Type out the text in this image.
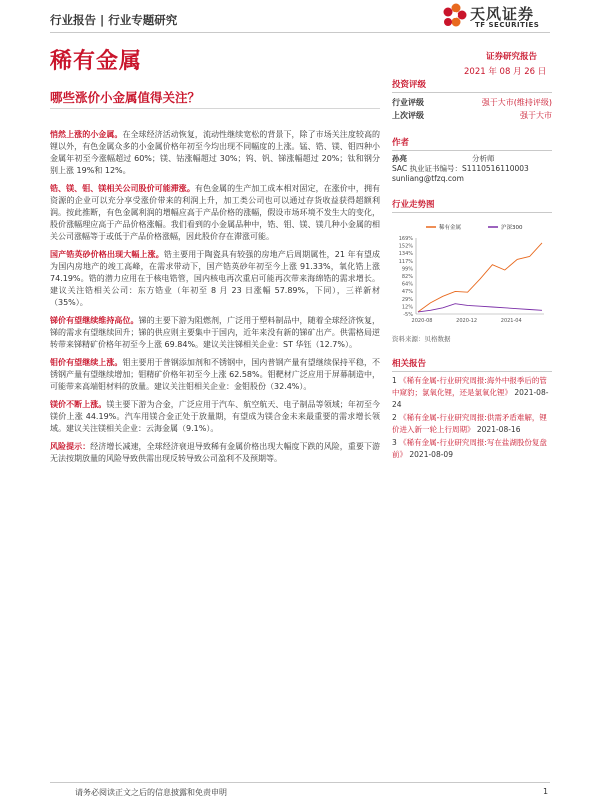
行业报告 | 行业专题研究	天风证券
TF SECURITIES
稀有金属	证券研究报告
2021 年 08 月 26 日
哪些涨价小金属值得关注？

悄然上涨的小金属。在全球经济活动恢复，流动性继续宽松的背景下，除了市场关注度较高的锂以外，有色金属众多的小金属价格年初至今均出现不同幅度的上涨。锰、锆、镁、钼四种小金属年初至今涨幅超过 60%；镁、钴涨幅超过 30%；钨、钒、锑涨幅超过 20%；钛和钢分别上涨 19%和 12%。

锆、镁、钼、镁相关公司股价可能滞涨。有色金属的生产加工成本相对固定，在涨价中，拥有资源的企业可以充分享受涨价带来的利润上升，加工类公司也可以通过存货收益获得超额利润。按此推断，有色金属利润的增幅应高于产品价格的涨幅，假设市场环境不发生大的变化，股价涨幅理应高于产品价格涨幅。我们看到的小金属品种中，锆、钼、镁、镁几种小金属的相关公司涨幅等于或低于产品价格涨幅，因此股价存在滞涨可能。

国产锆英砂价格出现大幅上涨。锆主要用于陶瓷具有较强的房地产后周期属性，21 年有望成为国内房地产的竣工高峰，在需求带动下，国产锆英砂年初至今上涨 91.33%，氧化锆上涨 74.19%。锆的潜力应用在于核电锆管，国内核电再次重启可能再次带来海绵锆的需求增长。建议关注锆相关公司：东方锆业（年初至 8 月 23 日涨幅 57.89%，下同），三祥新材（35%）。

锑价有望继续维持高位。锑的主要下游为阻燃剂，广泛用于塑料制品中，随着全球经济恢复，锑的需求有望继续回升；锑的供应则主要集中于国内，近年来没有新的锑矿出产。供需格局逆转带来锑精矿价格年初至今上涨 69.84%。建议关注锑相关企业：ST 华钰（12.7%）。

钼价有望继续上涨。钼主要用于普钢添加剂和不锈钢中，国内普钢产量有望继续保持平稳，不锈钢产量有望继续增加；钼精矿价格年初至今上涨 62.58%。钼靶材广泛应用于屏幕制造中，可能带来高端钼材料的放量。建议关注钼相关企业：金钼股份（32.4%）。

镁价不断上涨。镁主要下游为合金，广泛应用于汽车、航空航天、电子制品等领域；年初至今镁价上涨 44.19%。汽车用镁合金正处于放量期，有望成为镁合金未来最重要的需求增长领域。建议关注镁相关企业：云海金属（9.1%）。

风险提示：经济增长减速，全球经济衰退导致稀有金属价格出现大幅度下跌的风险，重要下游无法按期放量的风险导致供需出现反转导致公司盈利不及预期等。

投资评级
行业评级	强于大市(维持评级)
上次评级	强于大市
作者
孙亮	分析师
SAC 执业证书编号： S1110516110003
sunliang@tfzq.com
行业走势图
-5%
12%
29%
47%
64%
82%
99%
117%
134%
152%
169%
2020-08	2020-12	2021-04
稀有金属	沪深300
资料来源：贝格数据
相关报告
1 《稀有金属-行业研究周报:海外中报季后的管中窥豹；氯氧化锂，还是氯氧化锂》 2021-08-24
2 《稀有金属-行业研究周报:供需矛盾难解，锂价进入新一轮上行周期》 2021-08-16
3 《稀有金属-行业研究周报:写在盐湖股份复盘前》 2021-08-09
请务必阅读正文之后的信息披露和免责申明	1
